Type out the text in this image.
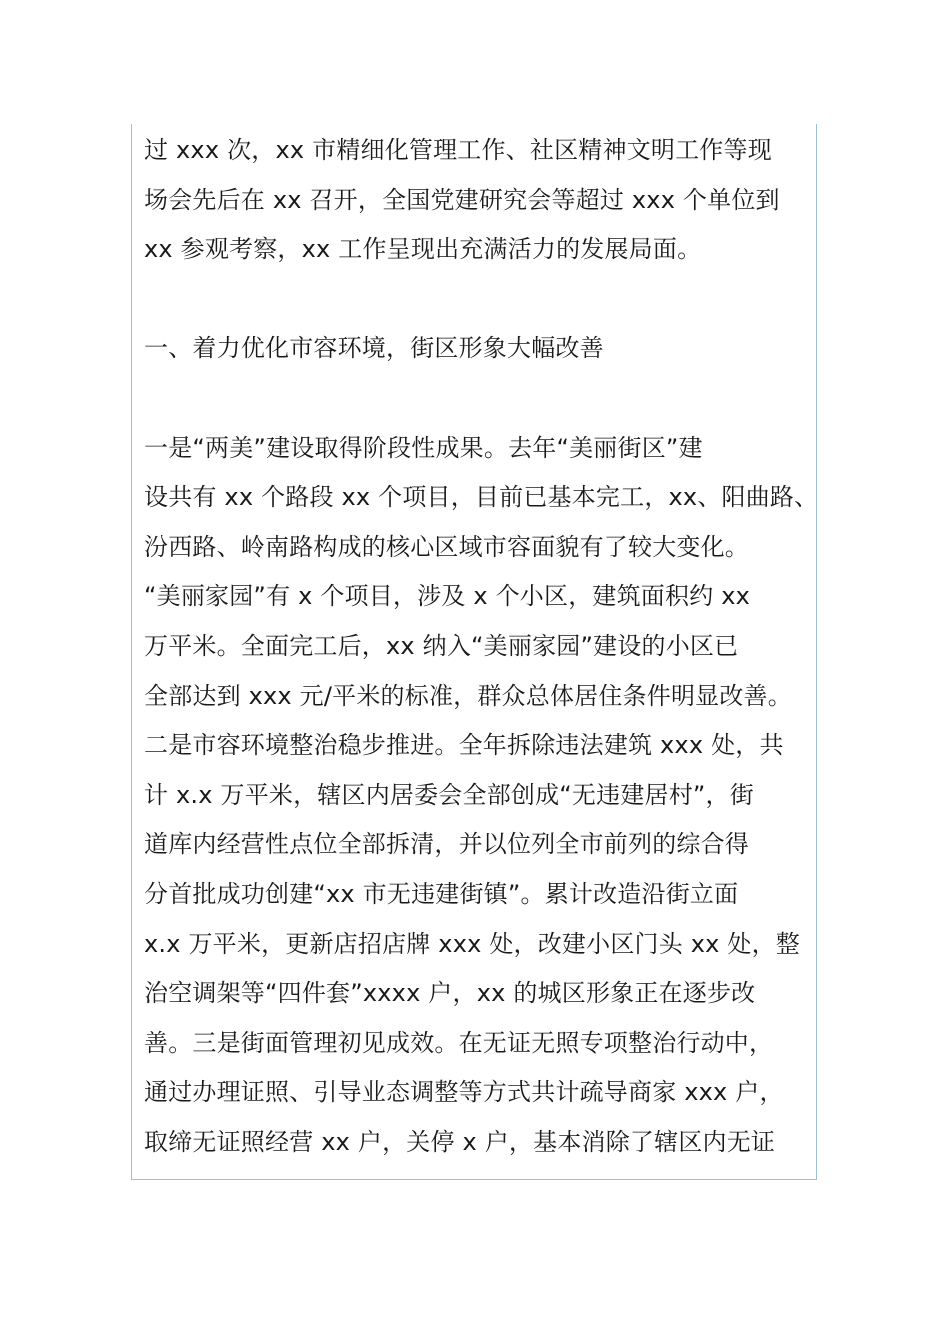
过 xxx 次，xx 市精细化管理工作、社区精神文明工作等现
场会先后在 xx 召开，全国党建研究会等超过 xxx 个单位到
xx 参观考察，xx 工作呈现出充满活力的发展局面。
一、着力优化市容环境，街区形象大幅改善
一是“两美”建设取得阶段性成果。去年“美丽街区”建
设共有 xx 个路段 xx 个项目，目前已基本完工，xx、阳曲路、
汾西路、岭南路构成的核心区域市容面貌有了较大变化。
“美丽家园”有 x 个项目，涉及 x 个小区，建筑面积约 xx
万平米。全面完工后，xx 纳入“美丽家园”建设的小区已
全部达到 xxx 元/平米的标准，群众总体居住条件明显改善。
二是市容环境整治稳步推进。全年拆除违法建筑 xxx 处，共
计 x.x 万平米，辖区内居委会全部创成“无违建居村”，街
道库内经营性点位全部拆清，并以位列全市前列的综合得
分首批成功创建“xx 市无违建街镇”。累计改造沿街立面
x.x 万平米，更新店招店牌 xxx 处，改建小区门头 xx 处，整
治空调架等“四件套”xxxx 户，xx 的城区形象正在逐步改
善。三是街面管理初见成效。在无证无照专项整治行动中，
通过办理证照、引导业态调整等方式共计疏导商家 xxx 户，
取缔无证照经营 xx 户，关停 x 户，基本消除了辖区内无证
